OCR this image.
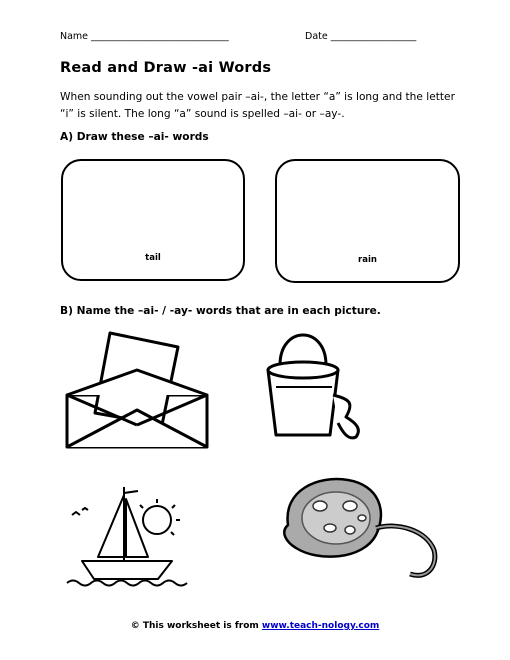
Name _____________________________	Date __________________
Read and Draw -ai Words
When sounding out the vowel pair –ai-, the letter “a” is long and the letter “i” is silent. The long “a” sound is spelled –ai- or –ay-.
A) Draw these –ai- words
tail	rain
B) Name the –ai- / -ay- words that are in each picture.
© This worksheet is from www.teach-nology.com
